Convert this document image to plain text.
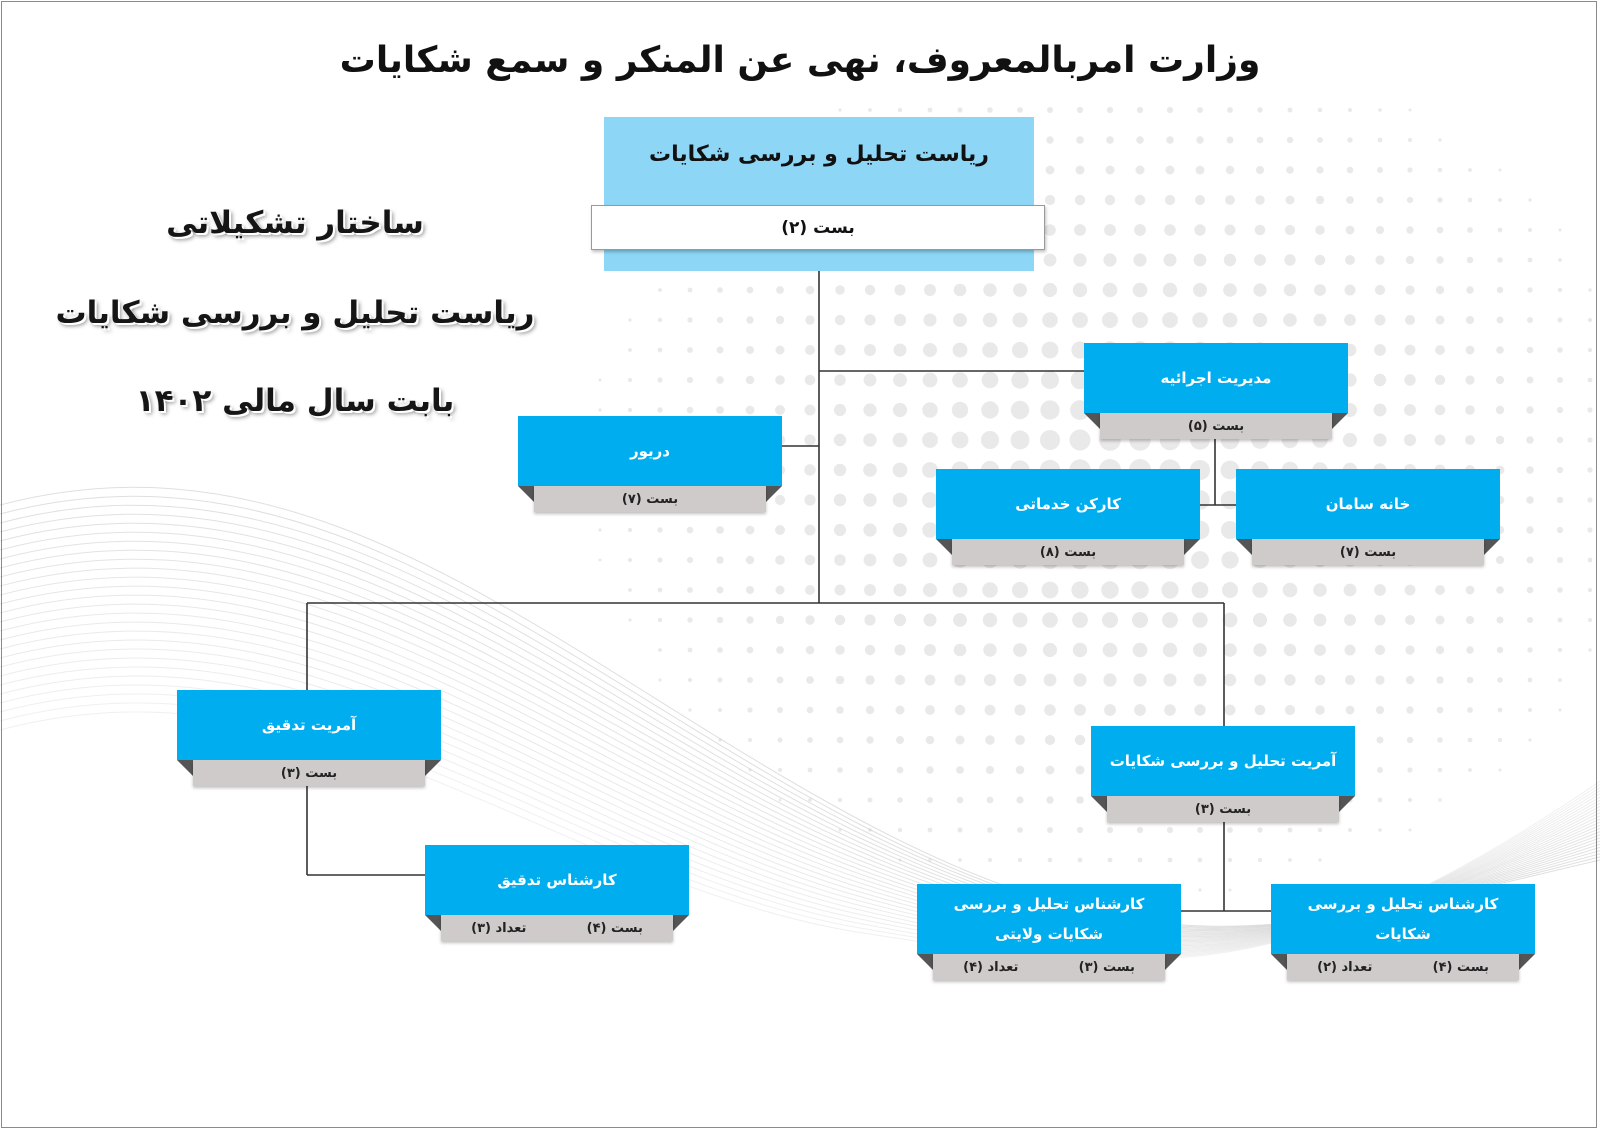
وزارت امربالمعروف، نهی عن المنکر و سمع شکایات
ساختار تشکیلاتی
ریاست تحلیل و بررسی شکایات
بابت سال مالی ۱۴۰۲
ریاست تحلیل و بررسی شکایات
بست (۲)
مدیریت اجرائیه
بست (۵)
دریور
بست (۷)	کارکن خدماتی
بست (۸)
خانه سامان
بست (۷)
آمریت تدقیق
بست (۳)
کارشناس تدقیق
بست (۴)
تعداد (۳)
آمریت تحلیل و بررسی شکایات
بست (۳)
کارشناس تحلیل و بررسی شکایات ولایتی
بست (۳)
تعداد (۴)
کارشناس تحلیل و بررسی شکایات
بست (۴)
تعداد (۲)
